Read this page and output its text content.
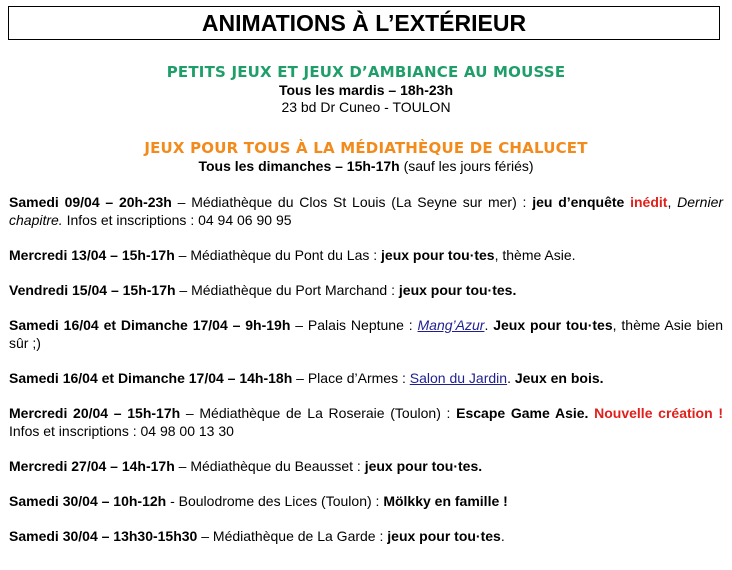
ANIMATIONS À L’EXTÉRIEUR
PETITS JEUX ET JEUX D’AMBIANCE AU MOUSSE
Tous les mardis – 18h-23h
23 bd Dr Cuneo - TOULON
JEUX POUR TOUS À LA MÉDIATHÈQUE DE CHALUCET
Tous les dimanches – 15h-17h (sauf les jours fériés)

Samedi 09/04 – 20h-23h – Médiathèque du Clos St Louis (La Seyne sur mer) : jeu d’enquête inédit, Dernier chapitre. Infos et inscriptions : 04 94 06 90 95

Mercredi 13/04 – 15h-17h – Médiathèque du Pont du Las : jeux pour tou·tes, thème Asie.

Vendredi 15/04 – 15h-17h – Médiathèque du Port Marchand : jeux pour tou·tes.

Samedi 16/04 et Dimanche 17/04 – 9h-19h – Palais Neptune : Mang’Azur. Jeux pour tou·tes, thème Asie bien sûr ;)

Samedi 16/04 et Dimanche 17/04 – 14h-18h – Place d’Armes : Salon du Jardin. Jeux en bois.

Mercredi 20/04 – 15h-17h – Médiathèque de La Roseraie (Toulon) : Escape Game Asie. Nouvelle création ! Infos et inscriptions : 04 98 00 13 30

Mercredi 27/04 – 14h-17h – Médiathèque du Beausset : jeux pour tou·tes.

Samedi 30/04 – 10h-12h - Boulodrome des Lices (Toulon) : Mölkky en famille !

Samedi 30/04 – 13h30-15h30 – Médiathèque de La Garde : jeux pour tou·tes.
